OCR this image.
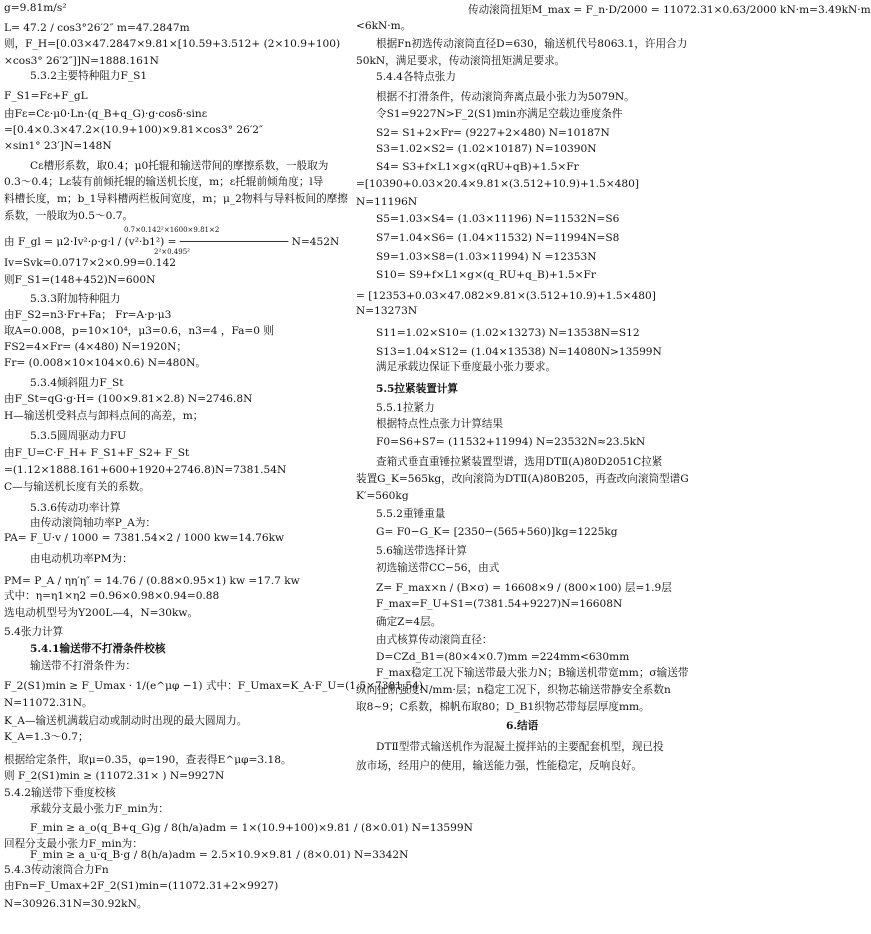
g=9.81m/s²
L= 47.2 / cos3°26′2″ m=47.2847m
则，F_H=[0.03×47.2847×9.81×[10.59+3.512+ (2×10.9+100)
×cos3° 26′2″]]N=1888.161N
5.3.2主要特种阻力F_S1
F_S1=Fε+F_gL
由Fε=Cε·μ0·Ln·(q_B+q_G)·g·cosδ·sinε
=[0.4×0.3×47.2×(10.9+100)×9.81×cos3° 26′2″
×sin1° 23′]N=148N
Cε槽形系数，取0.4；μ0托辊和输送带间的摩擦系数，一般取为
0.3～0.4；Lε装有前倾托辊的输送机长度，m；ε托辊前倾角度；l导
料槽长度，m；b_1导料槽两栏板间宽度，m；μ_2物料与导料板间的摩擦
系数，一般取为0.5～0.7。
0.7×0.142²×1600×9.81×2
由 F_gl = μ2·Iv²·ρ·g·l / (v²·b1²) = ───────────────── N=452N
2²×0.495²
Iv=Svk=0.0717×2×0.99=0.142
则F_S1=(148+452)N=600N
5.3.3附加特种阻力
由F_S2=n3·Fr+Fa； Fr=A·p·μ3
取A=0.008，p=10×10⁴，μ3=0.6，n3=4 ，Fa=0 则
FS2=4×Fr= (4×480) N=1920N；
Fr= (0.008×10×104×0.6) N=480N。
5.3.4倾斜阻力F_St
由F_St=qG·g·H= (100×9.81×2.8) N=2746.8N
H—输送机受料点与卸料点间的高差，m；
5.3.5圆周驱动力FU
由F_U=C·F_H+ F_S1+F_S2+ F_St
=(1.12×1888.161+600+1920+2746.8)N=7381.54N
C—与输送机长度有关的系数。
5.3.6传动功率计算
由传动滚筒轴功率P_A为：
PA= F_U·v / 1000 = 7381.54×2 / 1000 kw=14.76kw
由电动机功率PM为：
PM= P_A / ηη′η″ = 14.76 / (0.88×0.95×1) kw =17.7 kw
式中：η=η1×η2 =0.96×0.98×0.94=0.88
选电动机型号为Y200L—4，N=30kw。
5.4张力计算
5.4.1输送带不打滑条件校核
输送带不打滑条件为：
F_2(S1)min ≥ F_Umax · 1/(e^μφ −1) 式中：F_Umax=K_A·F_U=(1.5×7381.54)
N=11072.31N。
K_A—输送机满载启动或制动时出现的最大圆周力。
K_A=1.3～0.7；
根据给定条件，取μ=0.35，φ=190，查表得E^μφ=3.18。
则 F_2(S1)min ≥ (11072.31× ) N=9927N
5.4.2输送带下垂度校核
承载分支最小张力F_min为：
F_min ≥ a_o(q_B+q_G)g / 8(h/a)adm = 1×(10.9+100)×9.81 / (8×0.01) N=13599N
回程分支最小张力F_min为：
F_min ≥ a_u·q_B·g / 8(h/a)adm = 2.5×10.9×9.81 / (8×0.01) N=3342N
5.4.3传动滚筒合力Fn
由Fn=F_Umax+2F_2(S1)min=(11072.31+2×9927)
N=30926.31N=30.92kN。
传动滚筒扭矩M_max = F_n·D/2000 = 11072.31×0.63/2000 kN·m=3.49kN·m
<6kN·m。
根据Fn初选传动滚筒直径D=630，输送机代号8063.1，许用合力
50kN，满足要求，传动滚筒扭矩满足要求。
5.4.4各特点张力
根据不打滑条件，传动滚筒奔离点最小张力为5079N。
令S1=9227N>F_2(S1)min亦满足空载边垂度条件
S2= S1+2×Fr= (9227+2×480) N=10187N
S3=1.02×S2= (1.02×10187) N=10390N
S4= S3+f×L1×g×(qRU+qB)+1.5×Fr
=[10390+0.03×20.4×9.81×(3.512+10.9)+1.5×480]
N=11196N
S5=1.03×S4= (1.03×11196) N=11532N=S6
S7=1.04×S6= (1.04×11532) N=11994N=S8
S9=1.03×S8=(1.03×11994) N =12353N
S10= S9+f×L1×g×(q_RU+q_B)+1.5×Fr
= [12353+0.03×47.082×9.81×(3.512+10.9)+1.5×480]
N=13273N
S11=1.02×S10= (1.02×13273) N=13538N=S12
S13=1.04×S12= (1.04×13538) N=14080N>13599N
满足承载边保证下垂度最小张力要求。
5.5拉紧装置计算
5.5.1拉紧力
根据特点性点张力计算结果
F0=S6+S7= (11532+11994) N=23532N≈23.5kN
查箱式垂直重锤拉紧装置型谱，选用DTⅡ(A)80D2051C拉紧
装置G_K=565kg，改向滚筒为DTⅡ(A)80B205，再查改向滚筒型谱G
K′=560kg
5.5.2重锤重量
G= F0−G_K= [2350−(565+560)]kg=1225kg
5.6输送带选择计算
初选输送带CC−56，由式
Z= F_max×n / (B×σ) = 16608×9 / (800×100) 层=1.9层
F_max=F_U+S1=(7381.54+9227)N=16608N
确定Z=4层。
由式核算传动滚筒直径：
D=CZd_B1=(80×4×0.7)mm =224mm<630mm
F_max稳定工况下输送带最大张力N；B输送机带宽mm；σ输送带
纵向扯断强度N/mm·层；n稳定工况下，织物芯输送带静安全系数n
取8~9；C系数，棉帆布取80；D_B1织物芯带每层厚度mm。
6.结语
DTⅡ型带式输送机作为混凝土搅拌站的主要配套机型，现已投
放市场，经用户的使用，输送能力强，性能稳定，反响良好。
